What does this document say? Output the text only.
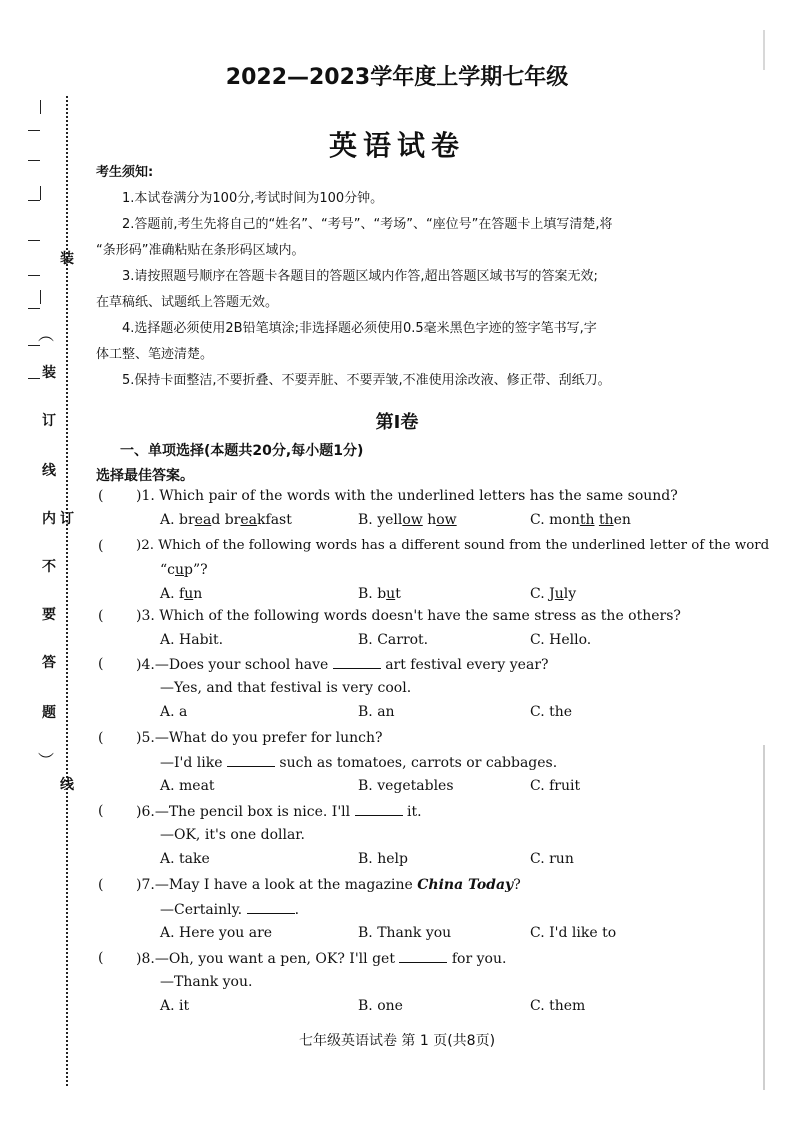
装
︵
装
订
线
内 订
不
要
答
题
︶
线
2022—2023学年度上学期七年级
英语试卷

考生须知:

1.本试卷满分为100分,考试时间为100分钟。

2.答题前,考生先将自己的“姓名”、“考号”、“考场”、“座位号”在答题卡上填写清楚,将

“条形码”准确粘贴在条形码区域内。

3.请按照题号顺序在答题卡各题目的答题区域内作答,超出答题区域书写的答案无效;

在草稿纸、试题纸上答题无效。

4.选择题必须使用2B铅笔填涂;非选择题必须使用0.5毫米黑色字迹的签字笔书写,字

体工整、笔迹清楚。

5.保持卡面整洁,不要折叠、不要弄脏、不要弄皱,不准使用涂改液、修正带、刮纸刀。

第Ⅰ卷
一、单项选择(本题共20分,每小题1分)
选择最佳答案。
( )1. Which pair of the words with the underlined letters has the same sound?
A. bread breakfast	B. yellow how	C. month then
( )2. Which of the following words has a different sound from the underlined letter of the word
“cup”?
A. fun	B. but	C. July
( )3. Which of the following words doesn't have the same stress as the others?
A. Habit.	B. Carrot.	C. Hello.
( )4.—Does your school have	art festival every year?
—Yes, and that festival is very cool.
A. a	B. an	C. the
( )5.—What do you prefer for lunch?
—I'd like	such as tomatoes, carrots or cabbages.
A. meat	B. vegetables	C. fruit
( )6.—The pencil box is nice. I'll	it.
—OK, it's one dollar.
A. take	B. help	C. run
( )7.—May I have a look at the magazine China Today?
—Certainly.	.
A. Here you are	B. Thank you	C. I'd like to
( )8.—Oh, you want a pen, OK? I'll get	for you.
—Thank you.
A. it	B. one	C. them
七年级英语试卷 第 1 页(共8页)
